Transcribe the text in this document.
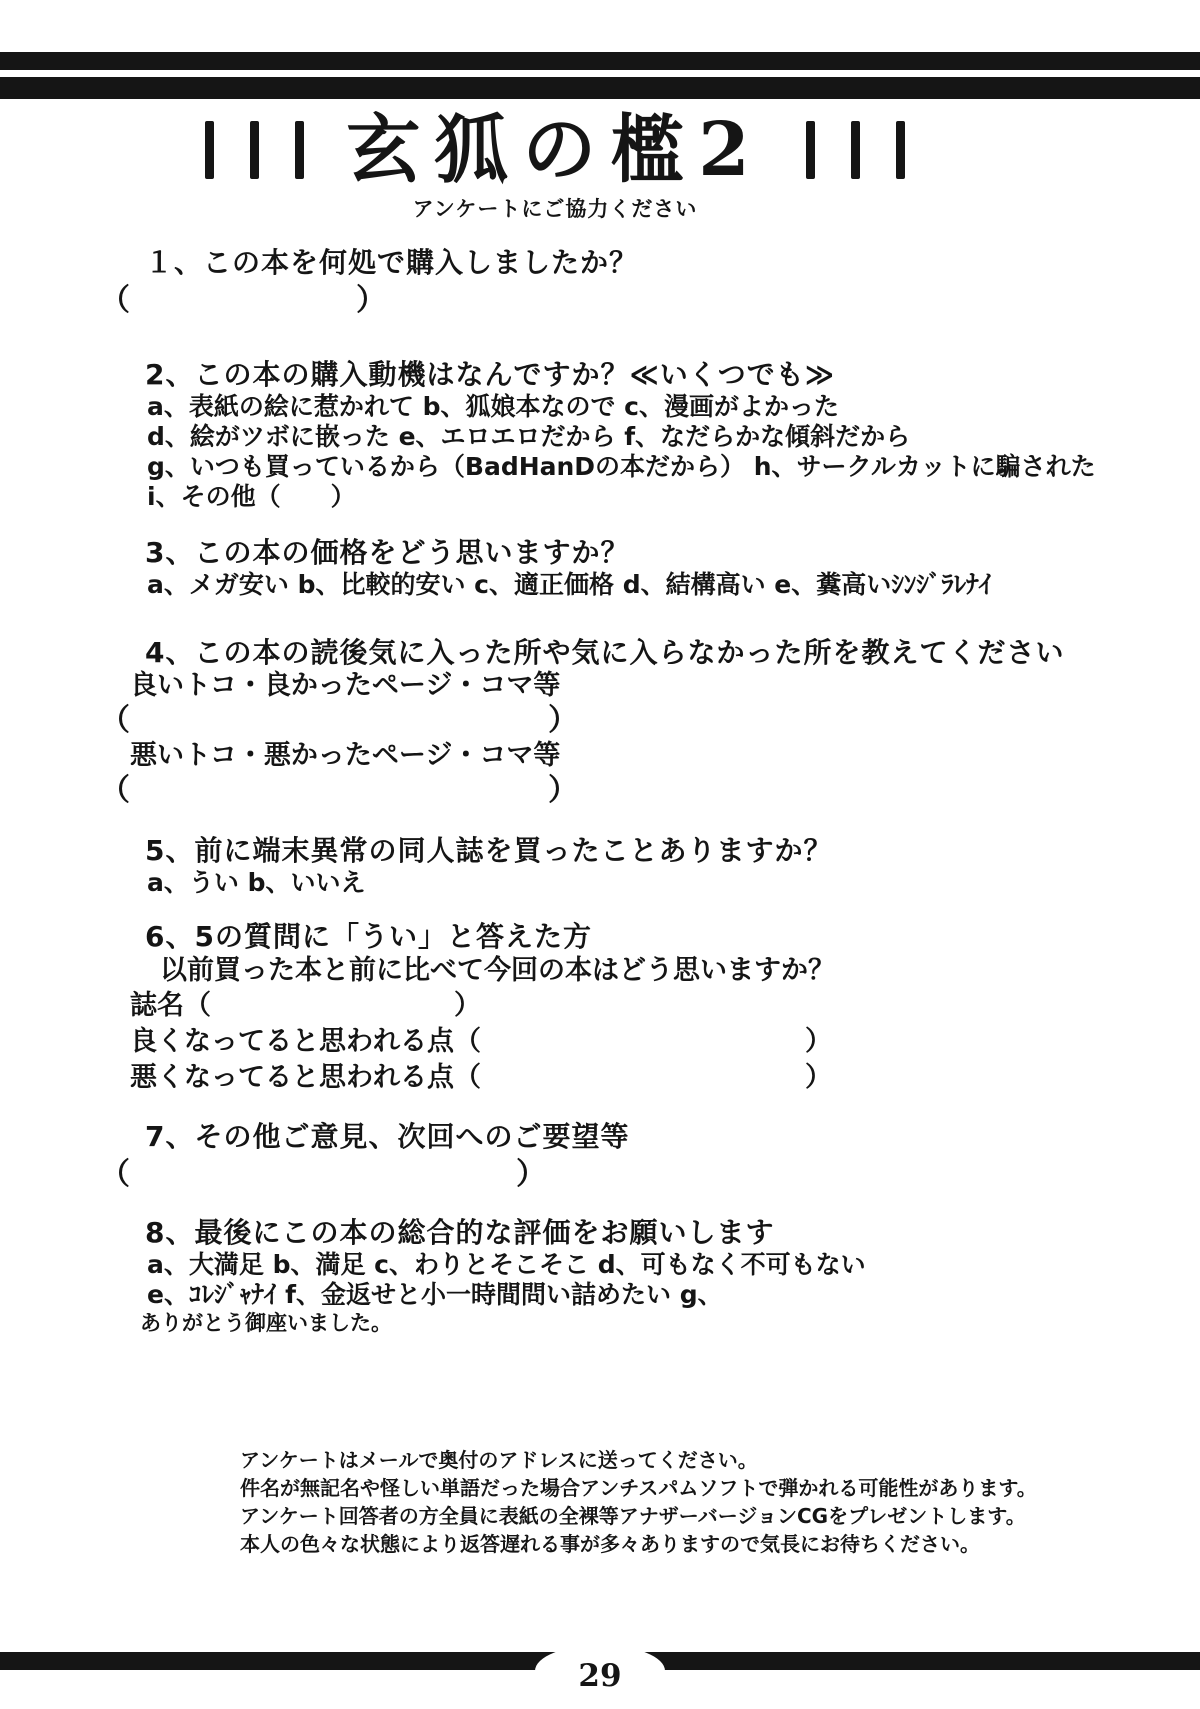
玄狐の檻2
アンケートにご協力ください
１、この本を何処で購入しましたか？
（　　　　　　　）
2、この本の購入動機はなんですか？≪いくつでも≫
a、表紙の絵に惹かれて b、狐娘本なので c、漫画がよかった
d、絵がツボに嵌った e、エロエロだから f、なだらかな傾斜だから
g、いつも買っているから（BadHanDの本だから） h、サークルカットに騙された
i、その他（　　）
3、この本の価格をどう思いますか？
a、メガ安い b、比較的安い c、適正価格 d、結構高い e、糞高いｼﾝｼﾞﾗﾚﾅｲ
4、この本の読後気に入った所や気に入らなかった所を教えてください
良いトコ・良かったページ・コマ等
（　　　　　　　　　　　　　）
悪いトコ・悪かったページ・コマ等
（　　　　　　　　　　　　　）
5、前に端末異常の同人誌を買ったことありますか？
a、うい b、いいえ
6、5の質問に「うい」と答えた方
以前買った本と前に比べて今回の本はどう思いますか？
誌名（　　　　　　　　　）
良くなってると思われる点（　　　　　　　　　　　　）
悪くなってると思われる点（　　　　　　　　　　　　）
7、その他ご意見、次回へのご要望等
（　　　　　　　　　　　　）
8、最後にこの本の総合的な評価をお願いします
a、大満足 b、満足 c、わりとそこそこ d、可もなく不可もない
e、ｺﾚｼﾞｬﾅｲ f、金返せと小一時間問い詰めたい g、
ありがとう御座いました。
アンケートはメールで奥付のアドレスに送ってください。
件名が無記名や怪しい単語だった場合アンチスパムソフトで弾かれる可能性があります。
アンケート回答者の方全員に表紙の全裸等アナザーバージョンCGをプレゼントします。
本人の色々な状態により返答遅れる事が多々ありますので気長にお待ちください。
29
